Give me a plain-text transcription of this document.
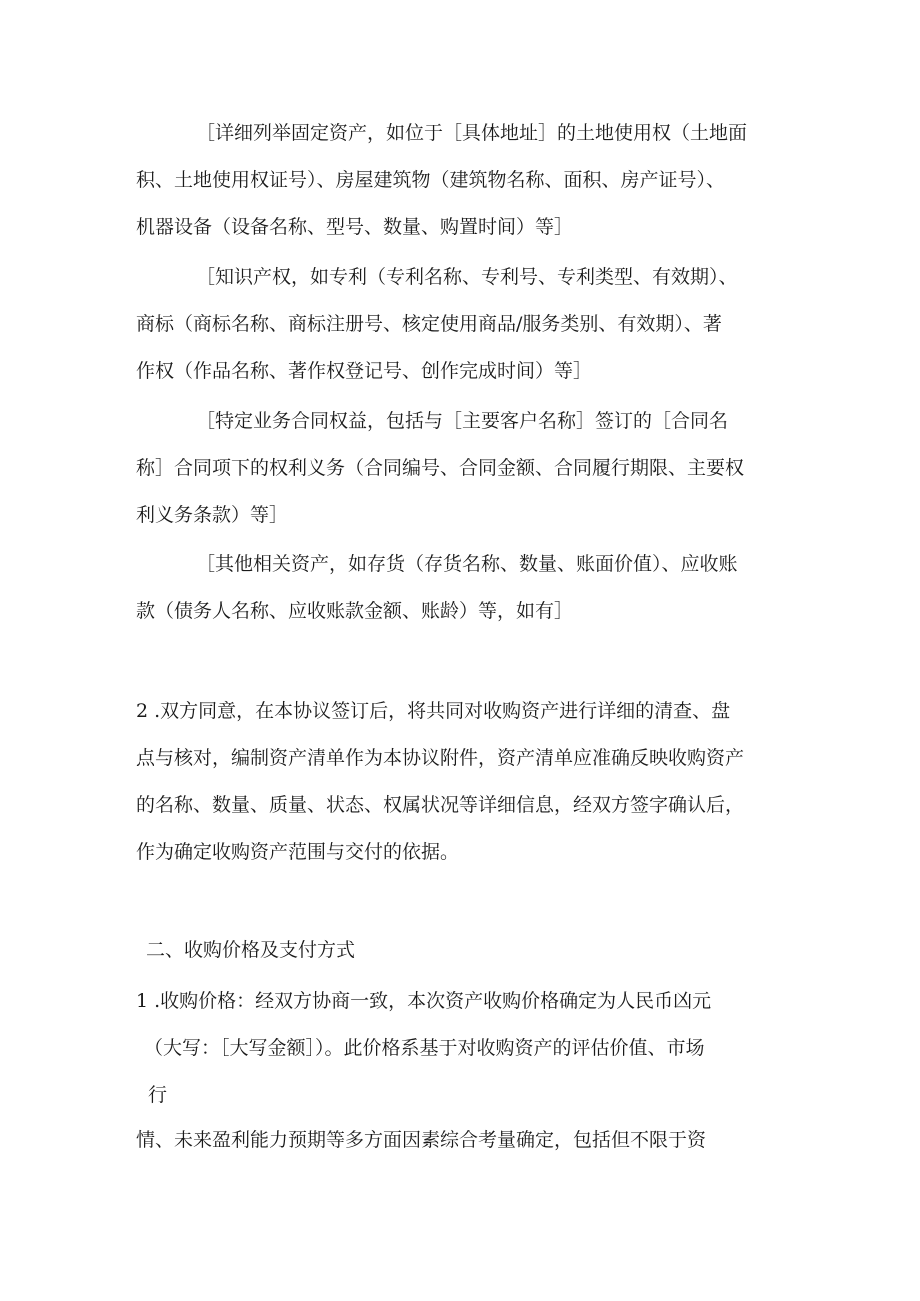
［详细列举固定资产，如位于［具体地址］的土地使用权（土地面
积、土地使用权证号）、房屋建筑物（建筑物名称、面积、房产证号）、
机器设备（设备名称、型号、数量、购置时间）等］
［知识产权，如专利（专利名称、专利号、专利类型、有效期）、
商标（商标名称、商标注册号、核定使用商品/服务类别、有效期）、著
作权（作品名称、著作权登记号、创作完成时间）等］
［特定业务合同权益，包括与［主要客户名称］签订的［合同名
称］合同项下的权利义务（合同编号、合同金额、合同履行期限、主要权
利义务条款）等］
［其他相关资产，如存货（存货名称、数量、账面价值）、应收账
款（债务人名称、应收账款金额、账龄）等，如有］
2 .双方同意，在本协议签订后，将共同对收购资产进行详细的清查、盘
点与核对，编制资产清单作为本协议附件，资产清单应准确反映收购资产
的名称、数量、质量、状态、权属状况等详细信息，经双方签字确认后，
作为确定收购资产范围与交付的依据。
二、收购价格及支付方式
1 .收购价格：经双方协商一致，本次资产收购价格确定为人民币凶元
（大写：［大写金额］）。此价格系基于对收购资产的评估价值、市场
行
情、未来盈利能力预期等多方面因素综合考量确定，包括但不限于资
